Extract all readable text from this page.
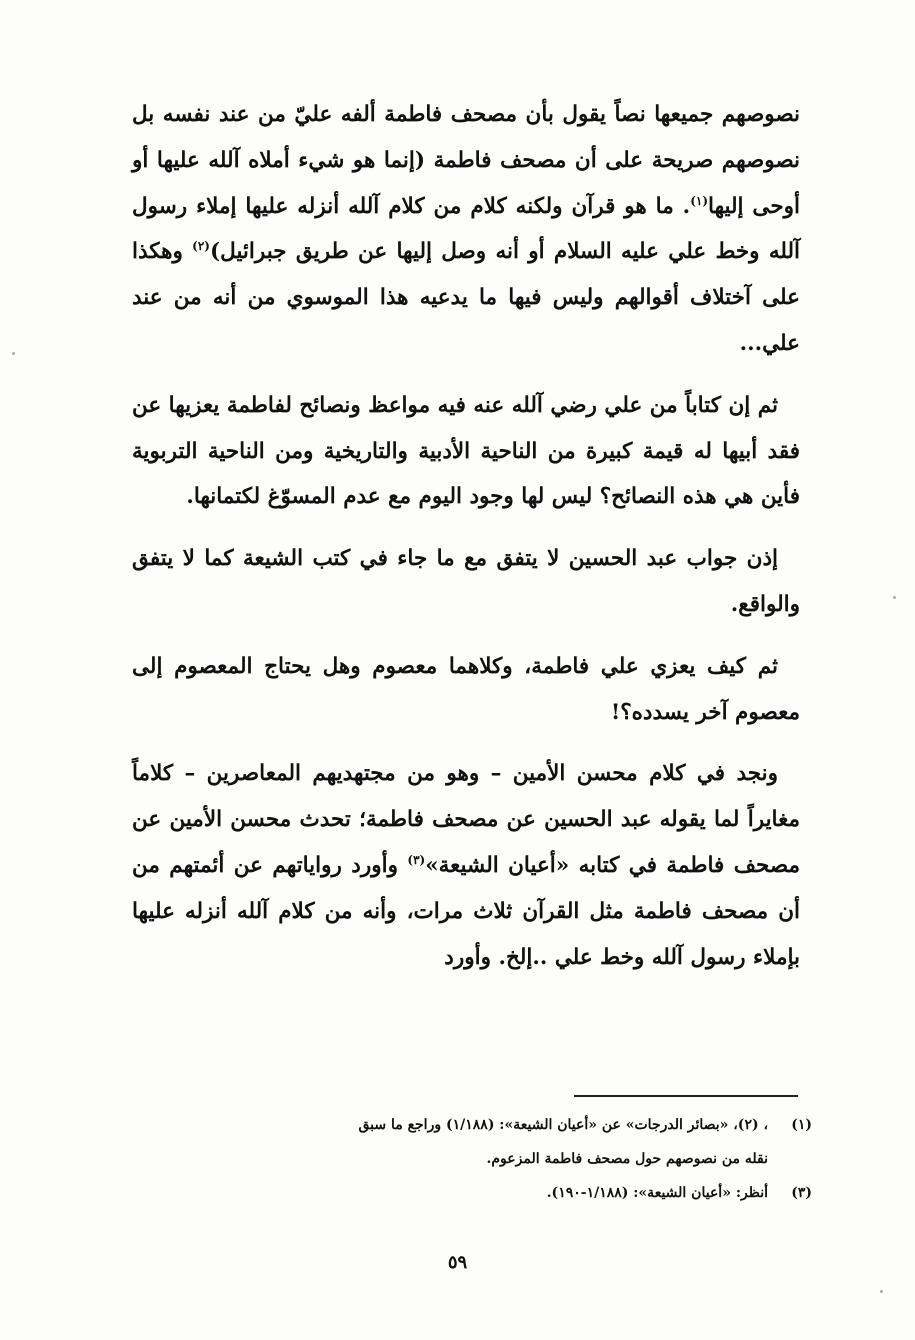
نصوصهم جميعها نصاً يقول بأن مصحف فاطمة ألفه عليّ من عند نفسه بل نصوصهم صريحة على أن مصحف فاطمة (إنما هو شيء أملاه آلله عليها أو أوحى إليها$^{(١)}$. ما هو قرآن ولكنه كلام من كلام آلله أنزله عليها إملاء رسول آلله وخط علي عليه السلام أو أنه وصل إليها عن طريق جبرائيل)$^{(٢)}$ وهكذا على آختلاف أقوالهم وليس فيها ما يدعيه هذا الموسوي من أنه من عند علي...

ثم إن كتاباً من علي رضي آلله عنه فيه مواعظ ونصائح لفاطمة يعزيها عن فقد أبيها له قيمة كبيرة من الناحية الأدبية والتاريخية ومن الناحية التربوية فأين هي هذه النصائح؟ ليس لها وجود اليوم مع عدم المسوّغ لكتمانها.

إذن جواب عبد الحسين لا يتفق مع ما جاء في كتب الشيعة كما لا يتفق والواقع.

ثم كيف يعزي علي فاطمة، وكلاهما معصوم وهل يحتاج المعصوم إلى معصوم آخر يسدده؟!

ونجد في كلام محسن الأمين – وهو من مجتهديهم المعاصرين – كلاماً مغايراً لما يقوله عبد الحسين عن مصحف فاطمة؛ تحدث محسن الأمين عن مصحف فاطمة في كتابه «أعيان الشيعة»$^{(٣)}$ وأورد رواياتهم عن أئمتهم من أن مصحف فاطمة مثل القرآن ثلاث مرات، وأنه من كلام آلله أنزله عليها بإملاء رسول آلله وخط علي ..إلخ. وأورد

(١)، (٢)، «بصائر الدرجات» عن «أعيان الشيعة»: (١/١٨٨) وراجع ما سبق

نقله من نصوصهم حول مصحف فاطمة المزعوم.

(٣)أنظر: «أعيان الشيعة»: (١/١٨٨-١٩٠).

٥٩
